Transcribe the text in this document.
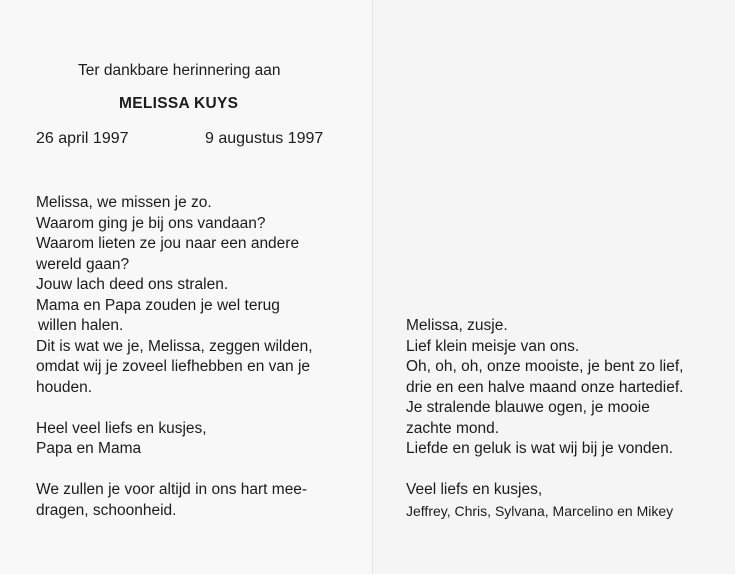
Ter dankbare herinnering aan
MELISSA KUYS
26 april 1997	9 augustus 1997
Melissa, we missen je zo.
Waarom ging je bij ons vandaan?
Waarom lieten ze jou naar een andere
wereld gaan?
Jouw lach deed ons stralen.
Mama en Papa zouden je wel terug
willen halen.
Dit is wat we je, Melissa, zeggen wilden,
omdat wij je zoveel liefhebben en van je
houden.
Heel veel liefs en kusjes,
Papa en Mama
We zullen je voor altijd in ons hart mee-
dragen, schoonheid.
Melissa, zusje.
Lief klein meisje van ons.
Oh, oh, oh, onze mooiste, je bent zo lief,
drie en een halve maand onze hartedief.
Je stralende blauwe ogen, je mooie
zachte mond.
Liefde en geluk is wat wij bij je vonden.
Veel liefs en kusjes,
Jeffrey, Chris, Sylvana, Marcelino en Mikey
